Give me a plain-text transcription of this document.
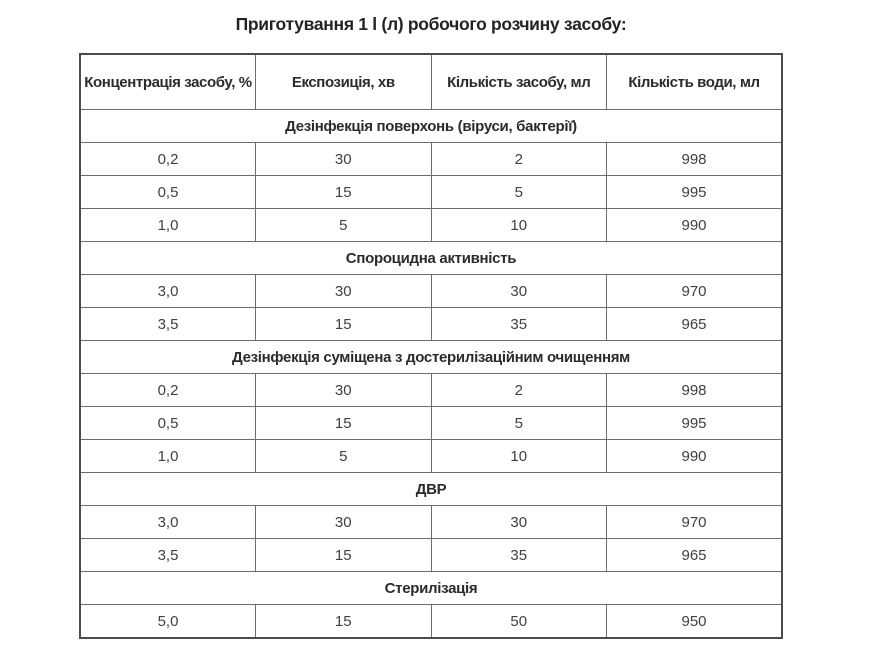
Приготування 1 l (л) робочого розчину засобу:
Концентрація засобу, %	Експозиція, хв	Кількість засобу, мл	Кількість води, мл
Дезінфекція поверхонь (віруси, бактерії)			
0,2	30	2	998
0,5	15	5	995
1,0	5	10	990
Спороцидна активність			
3,0	30	30	970
3,5	15	35	965
Дезінфекція суміщена з достерилізаційним очищенням			
0,2	30	2	998
0,5	15	5	995
1,0	5	10	990
ДВР			
3,0	30	30	970
3,5	15	35	965
Стерилізація			
5,0	15	50	950
